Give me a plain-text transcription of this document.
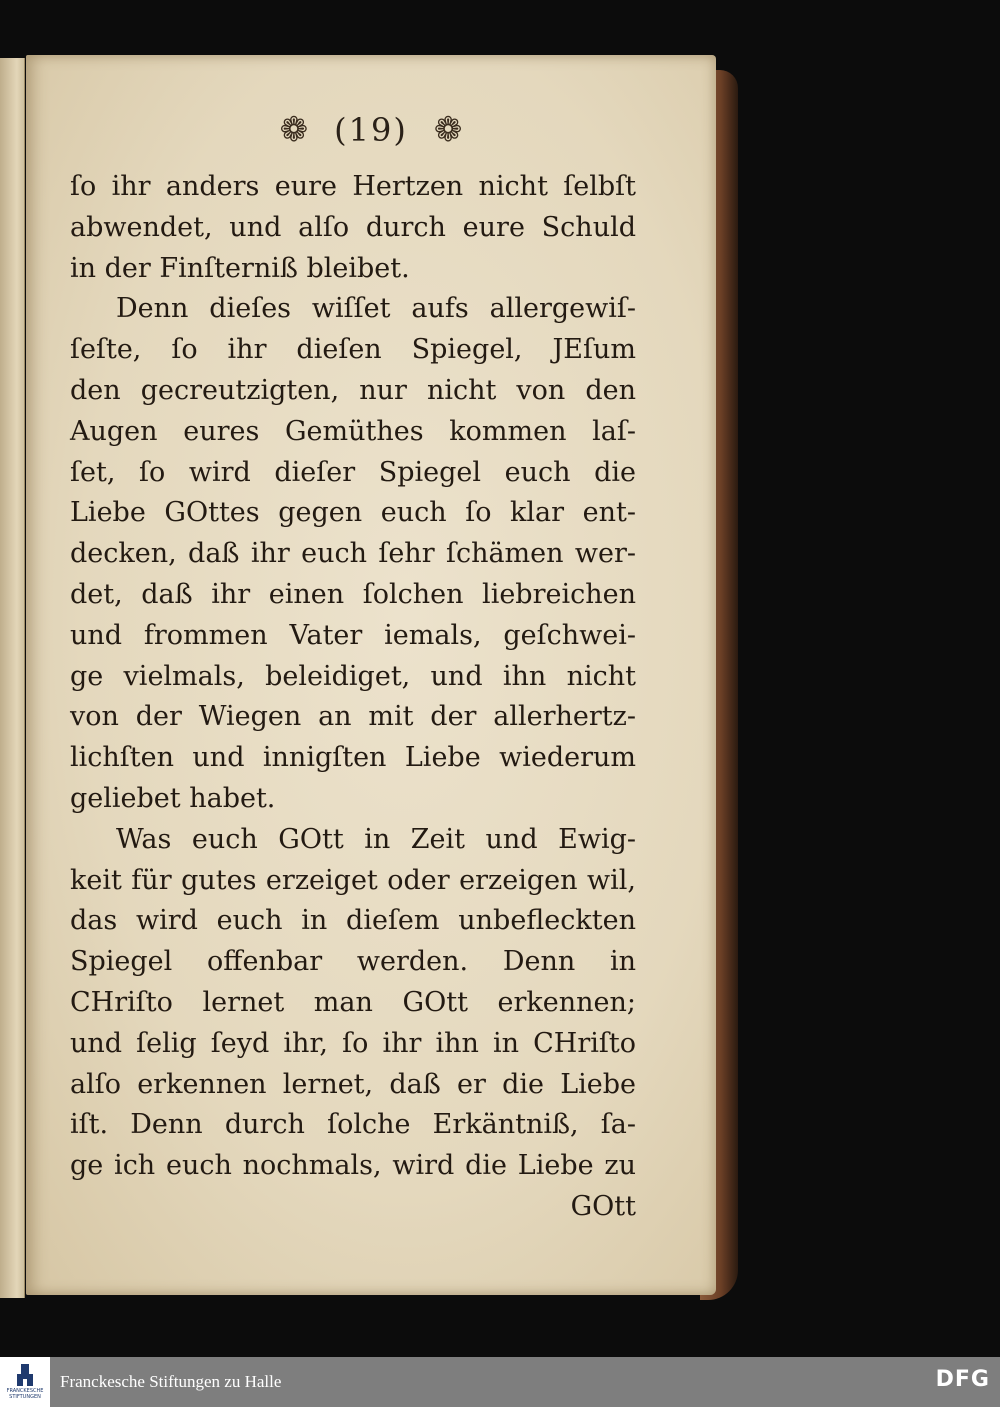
❁ (19) ❁
ſo ihr anders eure Hertzen nicht ſelbſt
abwendet, und alſo durch eure Schuld
in der Finſterniß bleibet.
Denn dieſes wiſſet aufs allergewiſ-
ſeſte, ſo ihr dieſen Spiegel, JEſum
den gecreutzigten, nur nicht von den
Augen eures Gemüthes kommen laſ-
ſet, ſo wird dieſer Spiegel euch die
Liebe GOttes gegen euch ſo klar ent-
decken, daß ihr euch ſehr ſchämen wer-
det, daß ihr einen ſolchen liebreichen
und frommen Vater iemals, geſchwei-
ge vielmals, beleidiget, und ihn nicht
von der Wiegen an mit der allerhertz-
lichſten und innigſten Liebe wiederum
geliebet habet.
Was euch GOtt in Zeit und Ewig-
keit für gutes erzeiget oder erzeigen wil,
das wird euch in dieſem unbefleckten
Spiegel offenbar werden. Denn in
CHriſto lernet man GOtt erkennen;
und ſelig ſeyd ihr, ſo ihr ihn in CHriſto
alſo erkennen lernet, daß er die Liebe
iſt. Denn durch ſolche Erkäntniß, ſa-
ge ich euch nochmals, wird die Liebe zu
GOtt
FRANCKESCHE STIFTUNGEN
Franckesche Stiftungen zu Halle	DFG
